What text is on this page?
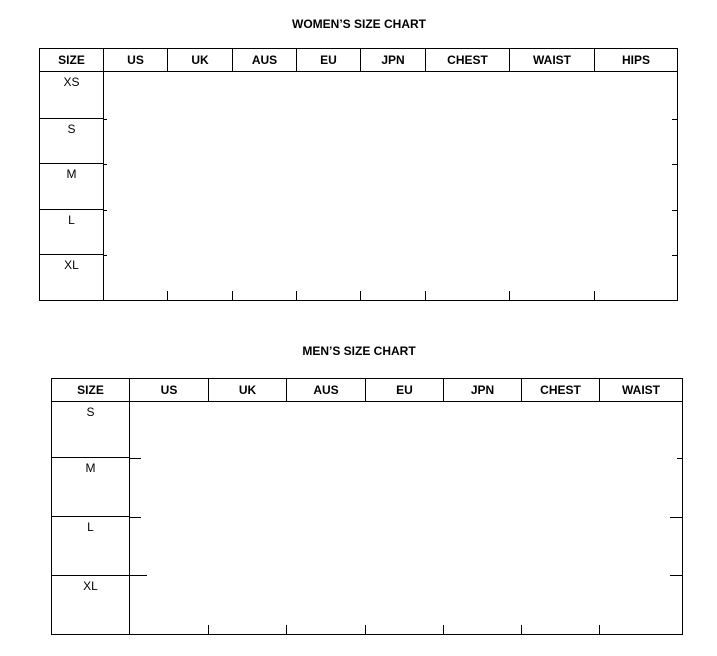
WOMEN’S SIZE CHART
SIZE	US	UK	AUS	EU	JPN	CHEST	WAIST	HIPS
XS
S
M
L
XL
MEN’S SIZE CHART
SIZE	US	UK	AUS	EU	JPN	CHEST	WAIST
S
M
L
XL
